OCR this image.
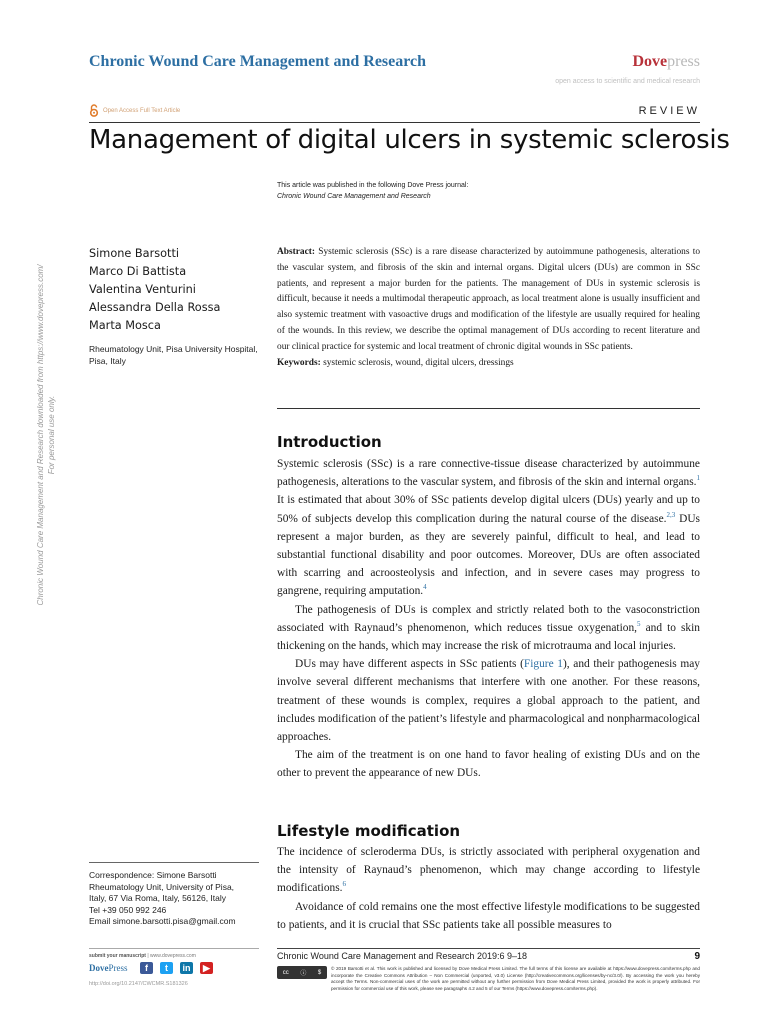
Chronic Wound Care Management and Research	Dovepress
open access to scientific and medical research
Open Access Full Text Article	REVIEW
Management of digital ulcers in systemic sclerosis
This article was published in the following Dove Press journal:
Chronic Wound Care Management and Research
Chronic Wound Care Management and Research downloaded from https://www.dovepress.com/ For personal use only.
Simone Barsotti
Marco Di Battista
Valentina Venturini
Alessandra Della Rossa
Marta Mosca
Rheumatology Unit, Pisa University Hospital, Pisa, Italy

Abstract: Systemic sclerosis (SSc) is a rare disease characterized by autoimmune pathogenesis, alterations to the vascular system, and fibrosis of the skin and internal organs. Digital ulcers (DUs) are common in SSc patients, and represent a major burden for the patients. The management of DUs in systemic sclerosis is difficult, because it needs a multimodal therapeutic approach, as local treatment alone is usually insufficient and also systemic treatment with vasoactive drugs and modification of the lifestyle are usually required for healing of the wounds. In this review, we describe the optimal management of DUs according to recent literature and our clinical practice for systemic and local treatment of chronic digital wounds in SSc patients.

Keywords: systemic sclerosis, wound, digital ulcers, dressings

Introduction

Systemic sclerosis (SSc) is a rare connective-tissue disease characterized by autoimmune pathogenesis, alterations to the vascular system, and fibrosis of the skin and internal organs.$^1$ It is estimated that about 30% of SSc patients develop digital ulcers (DUs) yearly and up to 50% of subjects develop this complication during the natural course of the disease.$^{2,3}$ DUs represent a major burden, as they are severely painful, difficult to heal, and lead to substantial functional disability and poor outcomes. Moreover, DUs are often associated with scarring and acroosteolysis and infection, and in severe cases may progress to gangrene, requiring amputation.$^4$

The pathogenesis of DUs is complex and strictly related both to the vasoconstriction associated with Raynaud’s phenomenon, which reduces tissue oxygenation,$^5$ and to skin thickening on the hands, which may increase the risk of microtrauma and local injuries.

DUs may have different aspects in SSc patients (Figure 1), and their pathogenesis may involve several different mechanisms that interfere with one another. For these reasons, treatment of these wounds is complex, requires a global approach to the patient, and includes modification of the patient’s lifestyle and pharmacological and nonpharmacological approaches.

The aim of the treatment is on one hand to favor healing of existing DUs and on the other to prevent the appearance of new DUs.

Lifestyle modification

The incidence of scleroderma DUs, is strictly associated with peripheral oxygenation and the intensity of Raynaud’s phenomenon, which may change according to lifestyle modifications.$^6$

Avoidance of cold remains one the most effective lifestyle modifications to be suggested to patients, and it is crucial that SSc patients take all possible measures to

Correspondence: Simone Barsotti
Rheumatology Unit, University of Pisa,
Italy, 67 Via Roma, Italy, 56126, Italy
Tel +39 050 992 246
Email simone.barsotti.pisa@gmail.com
submit your manuscript | www.dovepress.com
DovePress	f	t	in	▶
http://doi.org/10.2147/CWCMR.S181326
Chronic Wound Care Management and Research 2019:6 9–18	9
cc ⓘ $
© 2019 Barsotti et al. This work is published and licensed by Dove Medical Press Limited. The full terms of this license are available at https://www.dovepress.com/terms.php and incorporate the Creative Commons Attribution – Non Commercial (unported, v3.0) License (http://creativecommons.org/licenses/by-nc/3.0/). By accessing the work you hereby accept the Terms. Non-commercial uses of the work are permitted without any further permission from Dove Medical Press Limited, provided the work is properly attributed. For permission for commercial use of this work, please see paragraphs 4.2 and 5 of our Terms (https://www.dovepress.com/terms.php).
